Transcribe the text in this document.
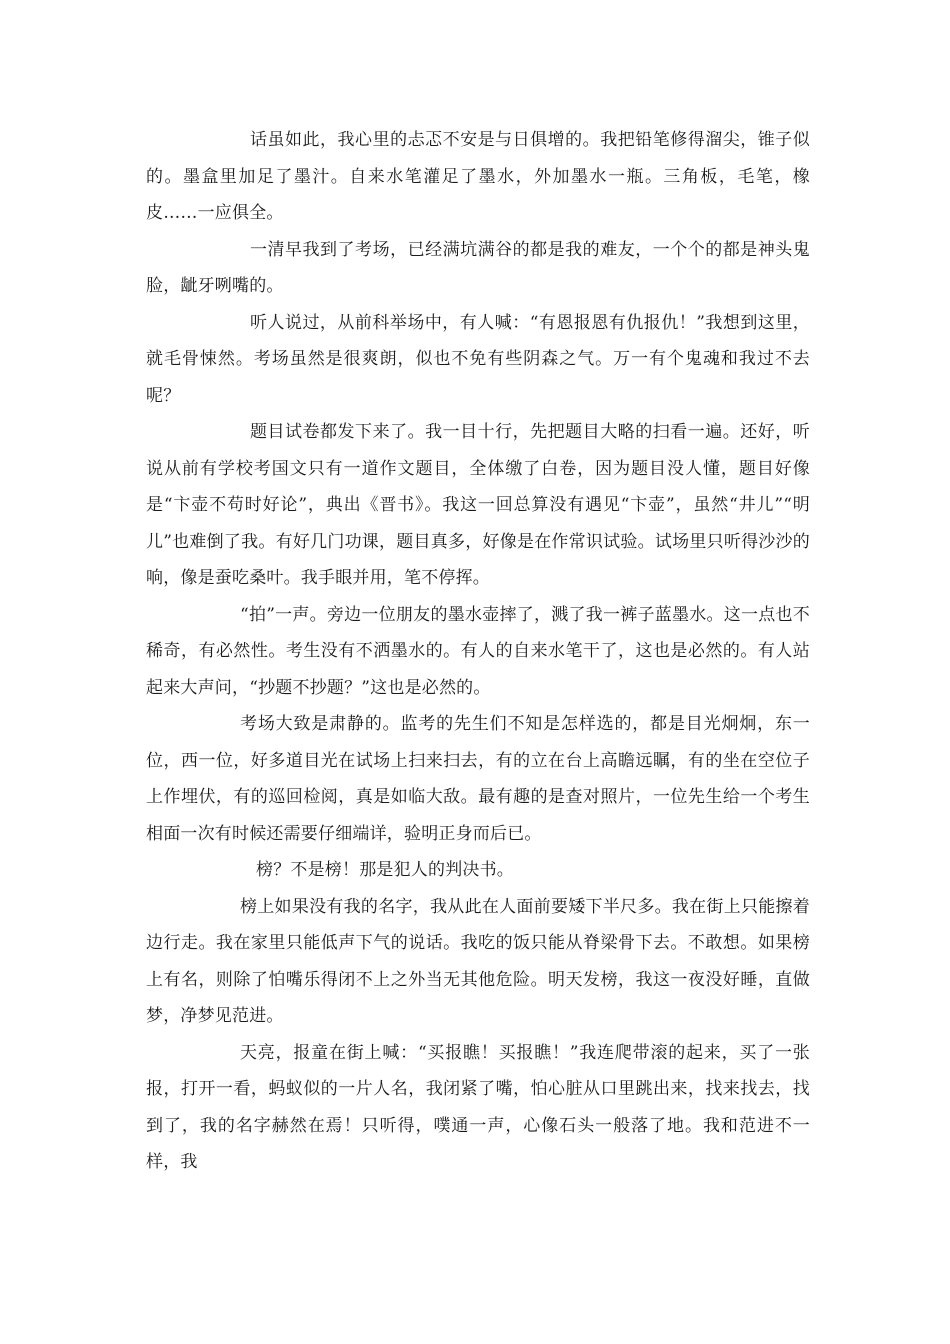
话虽如此，我心里的忐忑不安是与日俱增的。我把铅笔修得溜尖，锥子似的。墨盒里加足了墨汁。自来水笔灌足了墨水，外加墨水一瓶。三角板，毛笔，橡皮……一应俱全。

一清早我到了考场，已经满坑满谷的都是我的难友，一个个的都是神头鬼脸，龇牙咧嘴的。

听人说过，从前科举场中，有人喊：“有恩报恩有仇报仇！”我想到这里，就毛骨悚然。考场虽然是很爽朗，似也不免有些阴森之气。万一有个鬼魂和我过不去呢？

题目试卷都发下来了。我一目十行，先把题目大略的扫看一遍。还好，听说从前有学校考国文只有一道作文题目，全体缴了白卷，因为题目没人懂，题目好像是“卞壶不苟时好论”，典出《晋书》。我这一回总算没有遇见“卞壶”，虽然“井儿”“明儿”也难倒了我。有好几门功课，题目真多，好像是在作常识试验。试场里只听得沙沙的响，像是蚕吃桑叶。我手眼并用，笔不停挥。

“拍”一声。旁边一位朋友的墨水壶摔了，溅了我一裤子蓝墨水。这一点也不稀奇，有必然性。考生没有不洒墨水的。有人的自来水笔干了，这也是必然的。有人站起来大声问，“抄题不抄题？”这也是必然的。

考场大致是肃静的。监考的先生们不知是怎样选的，都是目光炯炯，东一位，西一位，好多道目光在试场上扫来扫去，有的立在台上高瞻远瞩，有的坐在空位子上作埋伏，有的巡回检阅，真是如临大敌。最有趣的是查对照片，一位先生给一个考生相面一次有时候还需要仔细端详，验明正身而后已。

榜？不是榜！那是犯人的判决书。

榜上如果没有我的名字，我从此在人面前要矮下半尺多。我在街上只能擦着边行走。我在家里只能低声下气的说话。我吃的饭只能从脊梁骨下去。不敢想。如果榜上有名，则除了怕嘴乐得闭不上之外当无其他危险。明天发榜，我这一夜没好睡，直做梦，净梦见范进。

天亮，报童在街上喊：“买报瞧！买报瞧！”我连爬带滚的起来，买了一张报，打开一看，蚂蚁似的一片人名，我闭紧了嘴，怕心脏从口里跳出来，找来找去，找到了，我的名字赫然在焉！只听得，噗通一声，心像石头一般落了地。我和范进不一样，我
